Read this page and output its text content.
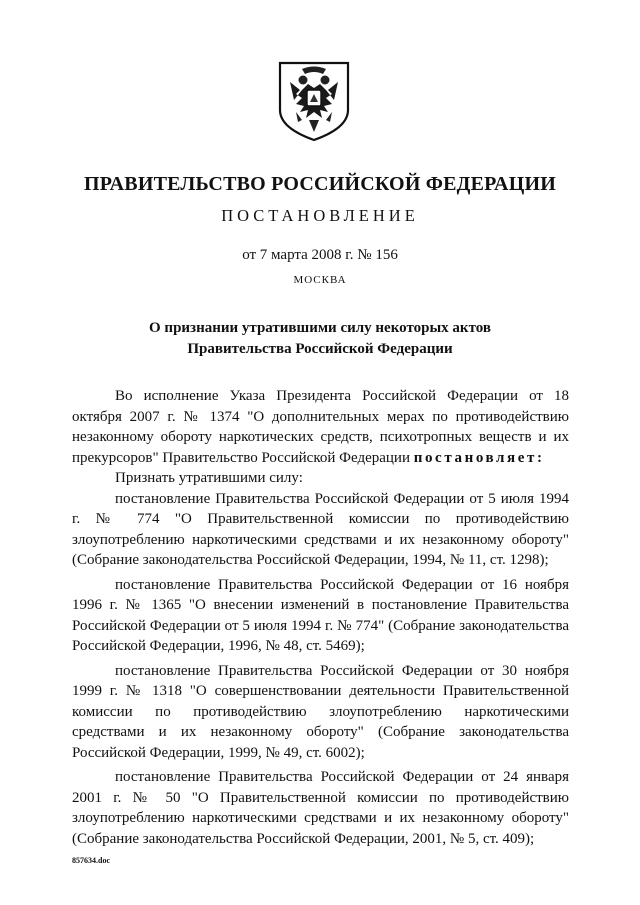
ПРАВИТЕЛЬСТВО РОССИЙСКОЙ ФЕДЕРАЦИИ
ПОСТАНОВЛЕНИЕ
от 7 марта 2008 г. № 156
МОСКВА
О признании утратившими силу некоторых актов
Правительства Российской Федерации

Во исполнение Указа Президента Российской Федерации от 18 октября 2007 г. № 1374 "О дополнительных мерах по противодействию незаконному обороту наркотических средств, психотропных веществ и их прекурсоров" Правительство Российской Федерации постановляет:

Признать утратившими силу:

постановление Правительства Российской Федерации от 5 июля 1994 г. № 774 "О Правительственной комиссии по противодействию злоупотреблению наркотическими средствами и их незаконному обороту" (Собрание законодательства Российской Федерации, 1994, № 11, ст. 1298);

постановление Правительства Российской Федерации от 16 ноября 1996 г. № 1365 "О внесении изменений в постановление Правительства Российской Федерации от 5 июля 1994 г. № 774" (Собрание законодательства Российской Федерации, 1996, № 48, ст. 5469);

постановление Правительства Российской Федерации от 30 ноября 1999 г. № 1318 "О совершенствовании деятельности Правительственной комиссии по противодействию злоупотреблению наркотическими средствами и их незаконному обороту" (Собрание законодательства Российской Федерации, 1999, № 49, ст. 6002);

постановление Правительства Российской Федерации от 24 января 2001 г. № 50 "О Правительственной комиссии по противодействию злоупотреблению наркотическими средствами и их незаконному обороту" (Собрание законодательства Российской Федерации, 2001, № 5, ст. 409);

857634.doc
